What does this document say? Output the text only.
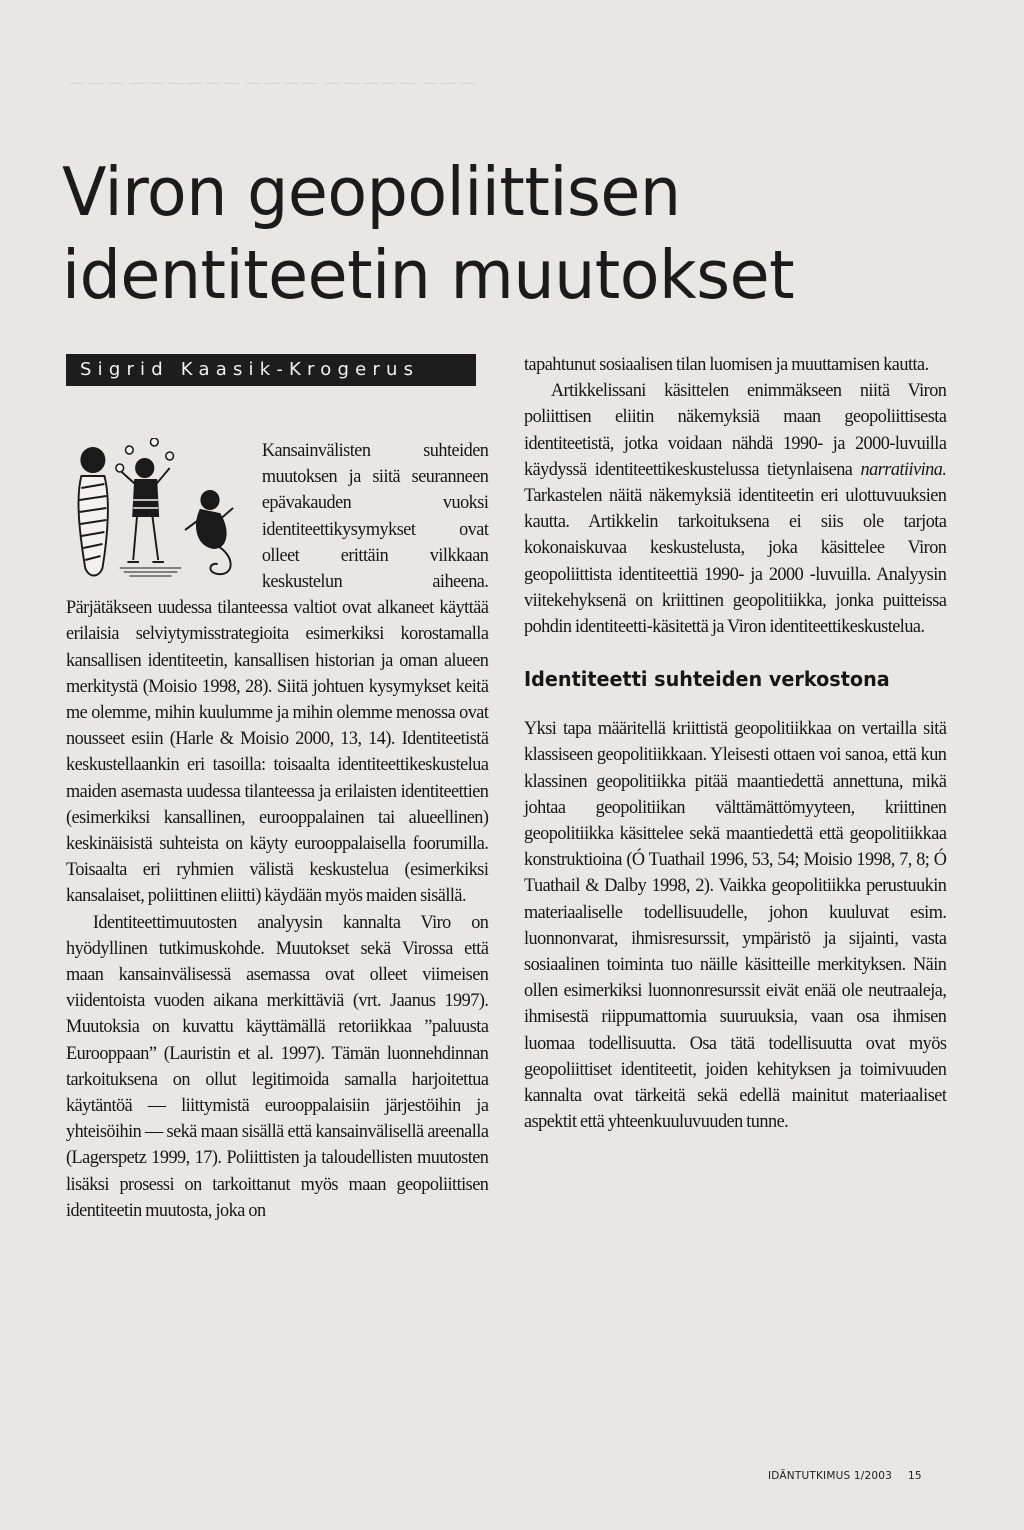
— — —  — — — — — —  — — — —  — — — — —  — — —
Viron geopoliittisen
identiteetin muutokset
Sigrid Kaasik-Krogerus

Kansainvälisten suhteiden muutoksen ja siitä seuranneen epävakauden vuoksi identiteettikysymykset ovat olleet erittäin vilkkaan keskustelun aiheena. Pärjätäkseen uudessa tilanteessa valtiot ovat alkaneet käyttää erilaisia selviytymisstrategioita esimerkiksi korostamalla kansallisen identiteetin, kansallisen historian ja oman alueen merkitystä (Moisio 1998, 28). Siitä johtuen kysymykset keitä me olemme, mihin kuulumme ja mihin olemme menossa ovat nousseet esiin (Harle & Moisio 2000, 13, 14). Identiteetistä keskustellaankin eri tasoilla: toisaalta identiteettikeskustelua maiden asemasta uudessa tilanteessa ja erilaisten identiteettien (esimerkiksi kansallinen, eurooppalainen tai alueellinen) keskinäisistä suhteista on käyty eurooppalaisella foorumilla. Toisaalta eri ryhmien välistä keskustelua (esimerkiksi kansalaiset, poliittinen eliitti) käydään myös maiden sisällä.

Identiteettimuutosten analyysin kannalta Viro on hyödyllinen tutkimuskohde. Muutokset sekä Virossa että maan kansainvälisessä asemassa ovat olleet viimeisen viidentoista vuoden aikana merkittäviä (vrt. Jaanus 1997). Muutoksia on kuvattu käyttämällä retoriikkaa ”paluusta Eurooppaan” (Lauristin et al. 1997). Tämän luonnehdinnan tarkoituksena on ollut legitimoida samalla harjoitettua käytäntöä — liittymistä eurooppalaisiin järjestöihin ja yhteisöihin — sekä maan sisällä että kansainvälisellä areenalla (Lagerspetz 1999, 17). Poliittisten ja taloudellisten muutosten lisäksi prosessi on tarkoittanut myös maan geopoliittisen identiteetin muutosta, joka on

tapahtunut sosiaalisen tilan luomisen ja muuttamisen kautta.

Artikkelissani käsittelen enimmäkseen niitä Viron poliittisen eliitin näkemyksiä maan geopoliittisesta identiteetistä, jotka voidaan nähdä 1990- ja 2000-luvuilla käydyssä identiteettikeskustelussa tietynlaisena narratiivina. Tarkastelen näitä näkemyksiä identiteetin eri ulottuvuuksien kautta. Artikkelin tarkoituksena ei siis ole tarjota kokonaiskuvaa keskustelusta, joka käsittelee Viron geopoliittista identiteettiä 1990- ja 2000 -luvuilla. Analyysin viitekehyksenä on kriittinen geopolitiikka, jonka puitteissa pohdin identiteetti-käsitettä ja Viron identiteettikeskustelua.

Identiteetti suhteiden verkostona

Yksi tapa määritellä kriittistä geopolitiikkaa on vertailla sitä klassiseen geopolitiikkaan. Yleisesti ottaen voi sanoa, että kun klassinen geopolitiikka pitää maantiedettä annettuna, mikä johtaa geopolitiikan välttämättömyyteen, kriittinen geopolitiikka käsittelee sekä maantiedettä että geopolitiikkaa konstruktioina (Ó Tuathail 1996, 53, 54; Moisio 1998, 7, 8; Ó Tuathail & Dalby 1998, 2). Vaikka geopolitiikka perustuukin materiaaliselle todellisuudelle, johon kuuluvat esim. luonnonvarat, ihmisresurssit, ympäristö ja sijainti, vasta sosiaalinen toiminta tuo näille käsitteille merkityksen. Näin ollen esimerkiksi luonnonresurssit eivät enää ole neutraaleja, ihmisestä riippumattomia suuruuksia, vaan osa ihmisen luomaa todellisuutta. Osa tätä todellisuutta ovat myös geopoliittiset identiteetit, joiden kehityksen ja toimivuuden kannalta ovat tärkeitä sekä edellä mainitut materiaaliset aspektit että yhteenkuuluvuuden tunne.

IDÄNTUTKIMUS 1/2003 15
